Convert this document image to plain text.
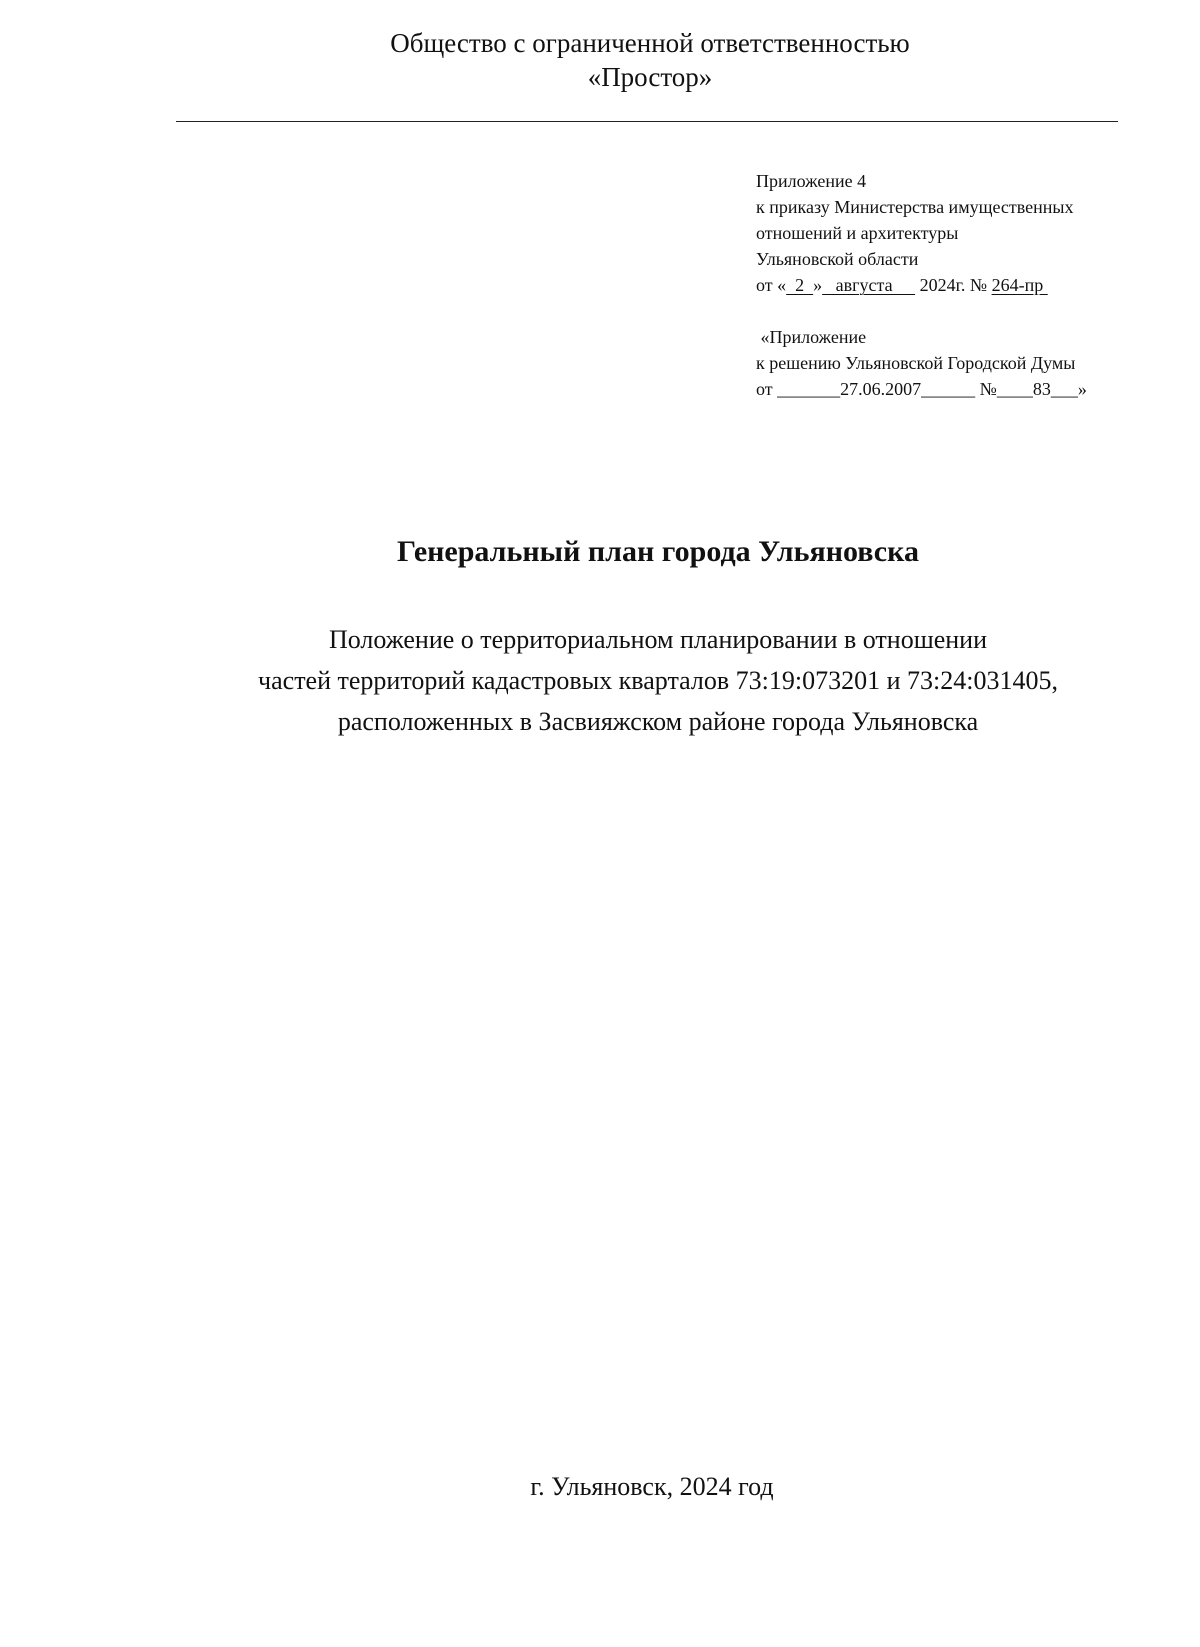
Общество с ограниченной ответственностью
«Простор»
Приложение 4
к приказу Министерства имущественных
отношений и архитектуры
Ульяновской области
от «  2  »   августа      2024г. № 264-пр
«Приложение
к решению Ульяновской Городской Думы
от _______27.06.2007______ №____83___»
Генеральный план города Ульяновска
Положение о территориальном планировании в отношении
частей территорий кадастровых кварталов 73:19:073201 и 73:24:031405,
расположенных в Засвияжском районе города Ульяновска
г. Ульяновск, 2024 год
